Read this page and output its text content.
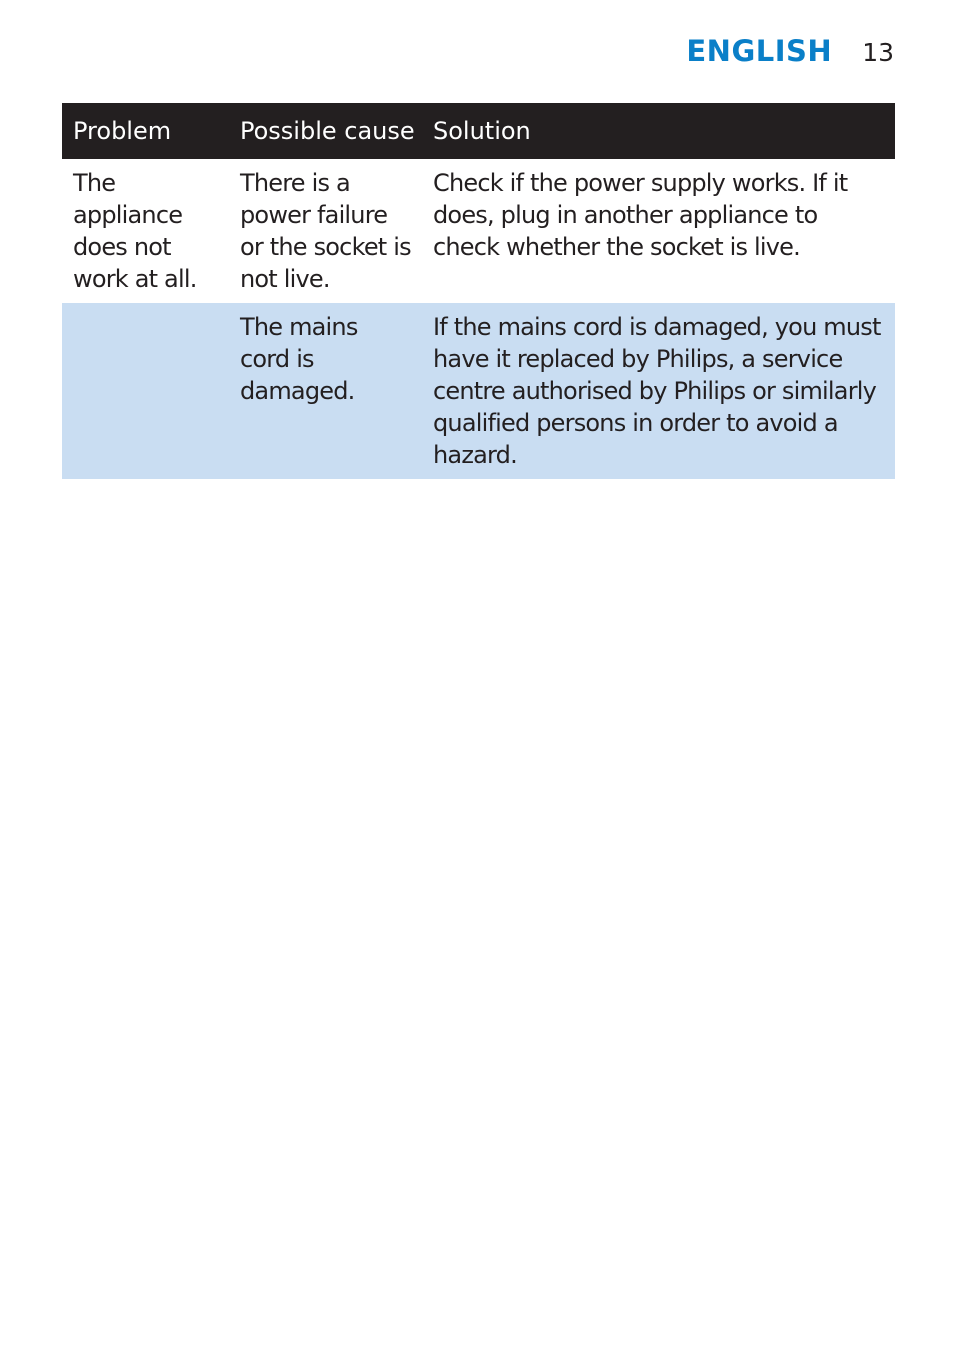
ENGLISH 13
Problem	Possible cause	Solution
The appliance does not work at all.	There is a power failure or the socket is not live.	Check if the power supply works. If it does, plug in another appliance to check whether the socket is live.
	The mains cord is damaged.	If the mains cord is damaged, you must have it replaced by Philips, a service centre authorised by Philips or similarly qualified persons in order to avoid a hazard.
